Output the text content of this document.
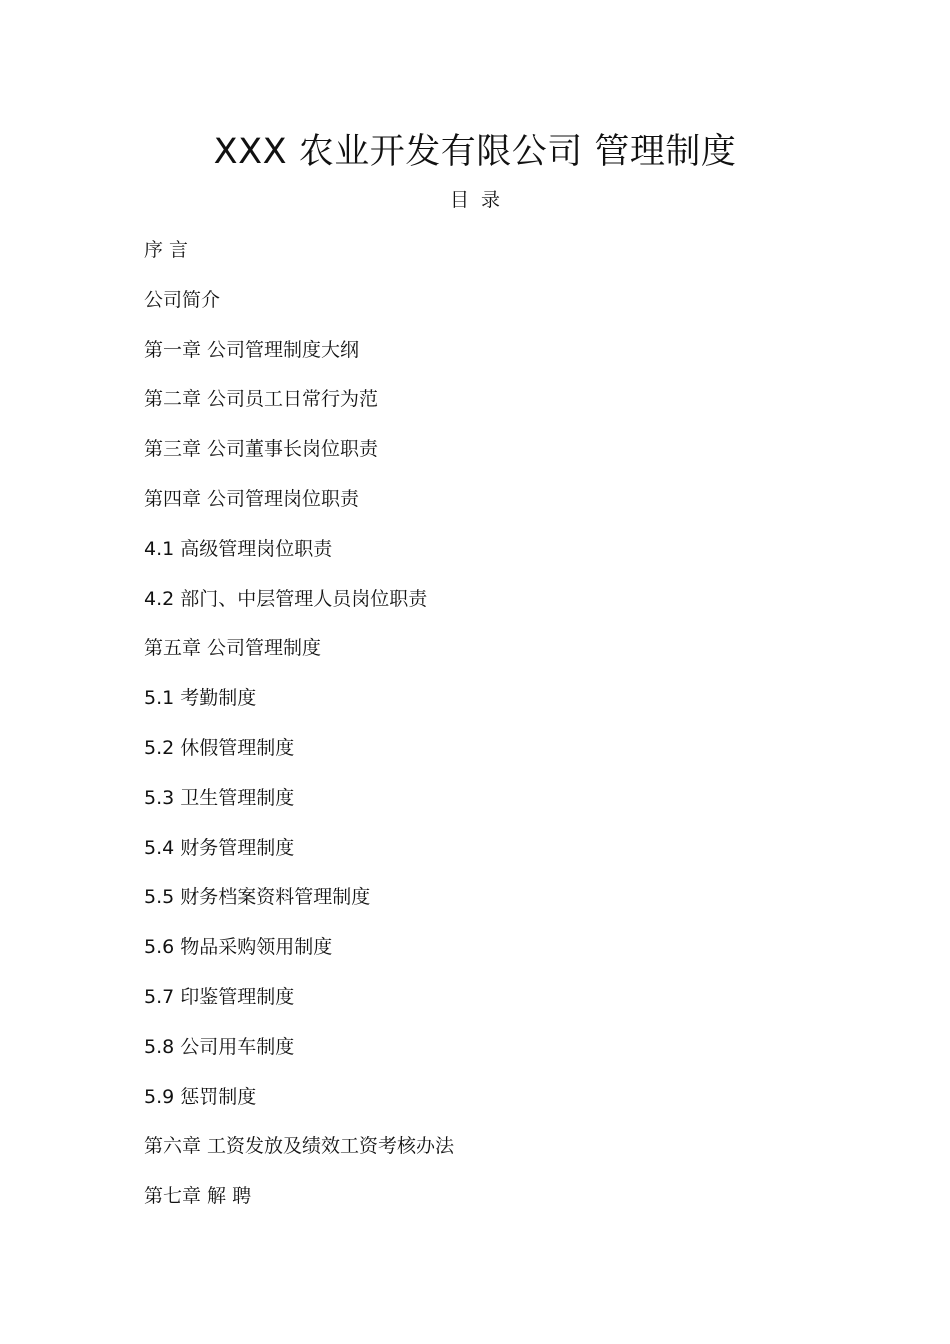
XXX 农业开发有限公司 管理制度
目  录
序 言
公司简介
第一章 公司管理制度大纲
第二章 公司员工日常行为范
第三章 公司董事长岗位职责
第四章 公司管理岗位职责
4.1 高级管理岗位职责
4.2 部门、中层管理人员岗位职责
第五章 公司管理制度
5.1 考勤制度
5.2 休假管理制度
5.3 卫生管理制度
5.4 财务管理制度
5.5 财务档案资料管理制度
5.6 物品采购领用制度
5.7 印鉴管理制度
5.8 公司用车制度
5.9 惩罚制度
第六章 工资发放及绩效工资考核办法
第七章 解 聘
